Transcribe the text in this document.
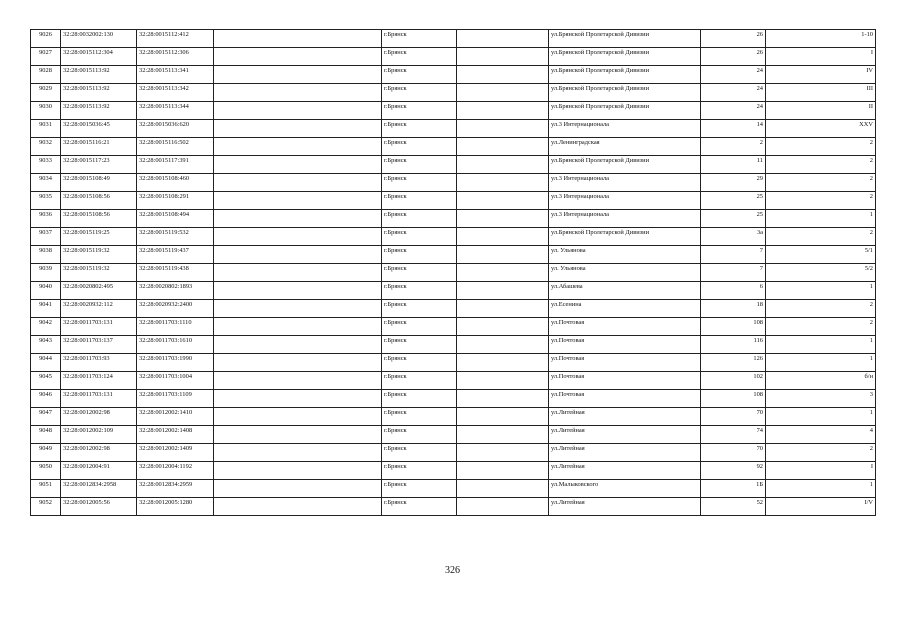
9026	32:28:0032002:130	32:28:0015112:412		г.Брянск		ул.Брянской Пролетарской Дивизии	26	1-10
9027	32:28:0015112:304	32:28:0015112:306		г.Брянск		ул.Брянской Пролетарской Дивизии	26	I
9028	32:28:0015113:92	32:28:0015113:341		г.Брянск		ул.Брянской Пролетарской Дивизии	24	IV
9029	32:28:0015113:92	32:28:0015113:342		г.Брянск		ул.Брянской Пролетарской Дивизии	24	III
9030	32:28:0015113:92	32:28:0015113:344		г.Брянск		ул.Брянской Пролетарской Дивизии	24	II
9031	32:28:0015036:45	32:28:0015036:620		г.Брянск		ул.3 Интернационала	14	XXV
9032	32:28:0015116:21	32:28:0015116:502		г.Брянск		ул.Ленинградская	2	2
9033	32:28:0015117:23	32:28:0015117:391		г.Брянск		ул.Брянской Пролетарской Дивизии	11	2
9034	32:28:0015108:49	32:28:0015108:460		г.Брянск		ул.3 Интернационала	29	2
9035	32:28:0015108:56	32:28:0015108:291		г.Брянск		ул.3 Интернационала	25	2
9036	32:28:0015108:56	32:28:0015108:494		г.Брянск		ул.3 Интернационала	25	1
9037	32:28:0015119:25	32:28:0015119:532		г.Брянск		ул.Брянской Пролетарской Дивизии	3а	2
9038	32:28:0015119:32	32:28:0015119:437		г.Брянск		ул. Ульянова	7	5/1
9039	32:28:0015119:32	32:28:0015119:438		г.Брянск		ул. Ульянова	7	5/2
9040	32:28:0020802:495	32:28:0020802:1893		г.Брянск		ул.Абашева	6	1
9041	32:28:0020932:112	32:28:0020932:2400		г.Брянск		ул.Есенина	18	2
9042	32:28:0011703:131	32:28:0011703:1110		г.Брянск		ул.Почтовая	108	2
9043	32:28:0011703:137	32:28:0011703:1610		г.Брянск		ул.Почтовая	116	1
9044	32:28:0011703:93	32:28:0011703:1990		г.Брянск		ул.Почтовая	126	1
9045	32:28:0011703:124	32:28:0011703:1004		г.Брянск		ул.Почтовая	102	б/н
9046	32:28:0011703:131	32:28:0011703:1109		г.Брянск		ул.Почтовая	108	3
9047	32:28:0012002:98	32:28:0012002:1410		г.Брянск		ул.Литейная	70	1
9048	32:28:0012002:109	32:28:0012002:1408		г.Брянск		ул.Литейная	74	4
9049	32:28:0012002:98	32:28:0012002:1409		г.Брянск		ул.Литейная	70	2
9050	32:28:0012004:91	32:28:0012004:1192		г.Брянск		ул.Литейная	92	I
9051	32:28:0012834:2958	32:28:0012834:2959		г.Брянск		ул.Малыковского	1Б	1
9052	32:28:0012005:56	32:28:0012005:1280		г.Брянск		ул.Литейная	52	I/V
326
